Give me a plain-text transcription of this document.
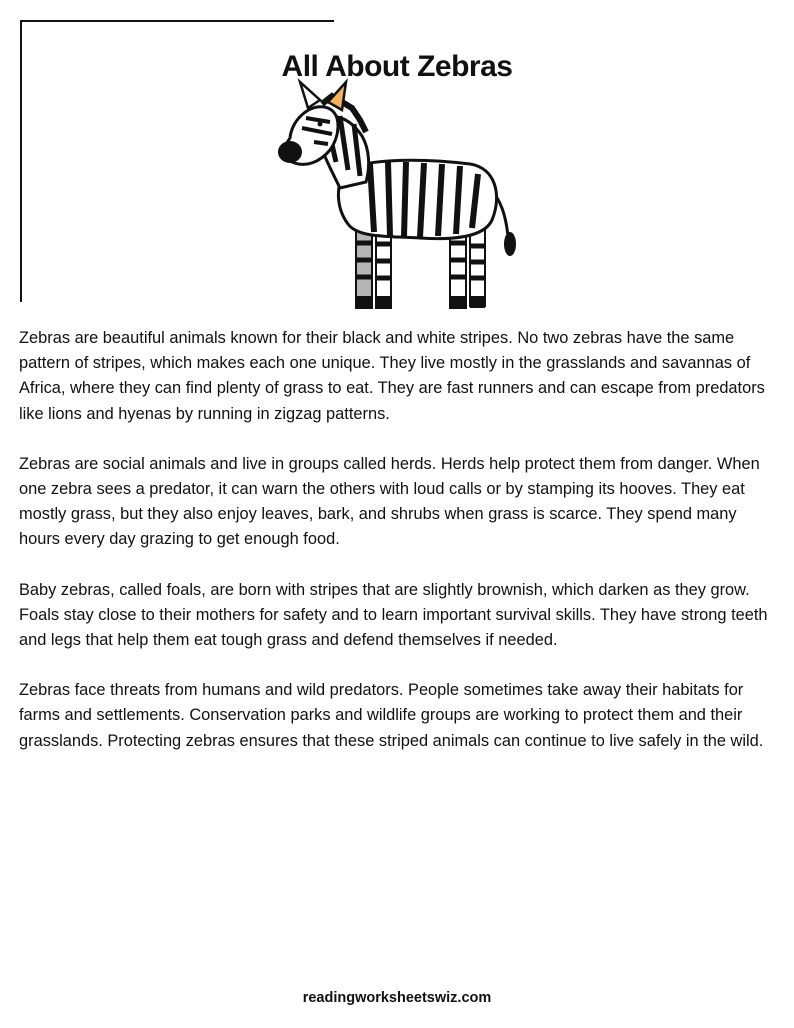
All About Zebras

Zebras are beautiful animals known for their black and white stripes. No two zebras have the same pattern of stripes, which makes each one unique. They live mostly in the grasslands and savannas of Africa, where they can find plenty of grass to eat. They are fast runners and can escape from predators like lions and hyenas by running in zigzag patterns.

Zebras are social animals and live in groups called herds. Herds help protect them from danger. When one zebra sees a predator, it can warn the others with loud calls or by stamping its hooves. They eat mostly grass, but they also enjoy leaves, bark, and shrubs when grass is scarce. They spend many hours every day grazing to get enough food.

Baby zebras, called foals, are born with stripes that are slightly brownish, which darken as they grow. Foals stay close to their mothers for safety and to learn important survival skills. They have strong teeth and legs that help them eat tough grass and defend themselves if needed.

Zebras face threats from humans and wild predators. People sometimes take away their habitats for farms and settlements. Conservation parks and wildlife groups are working to protect them and their grasslands. Protecting zebras ensures that these striped animals can continue to live safely in the wild.

readingworksheetswiz.com
